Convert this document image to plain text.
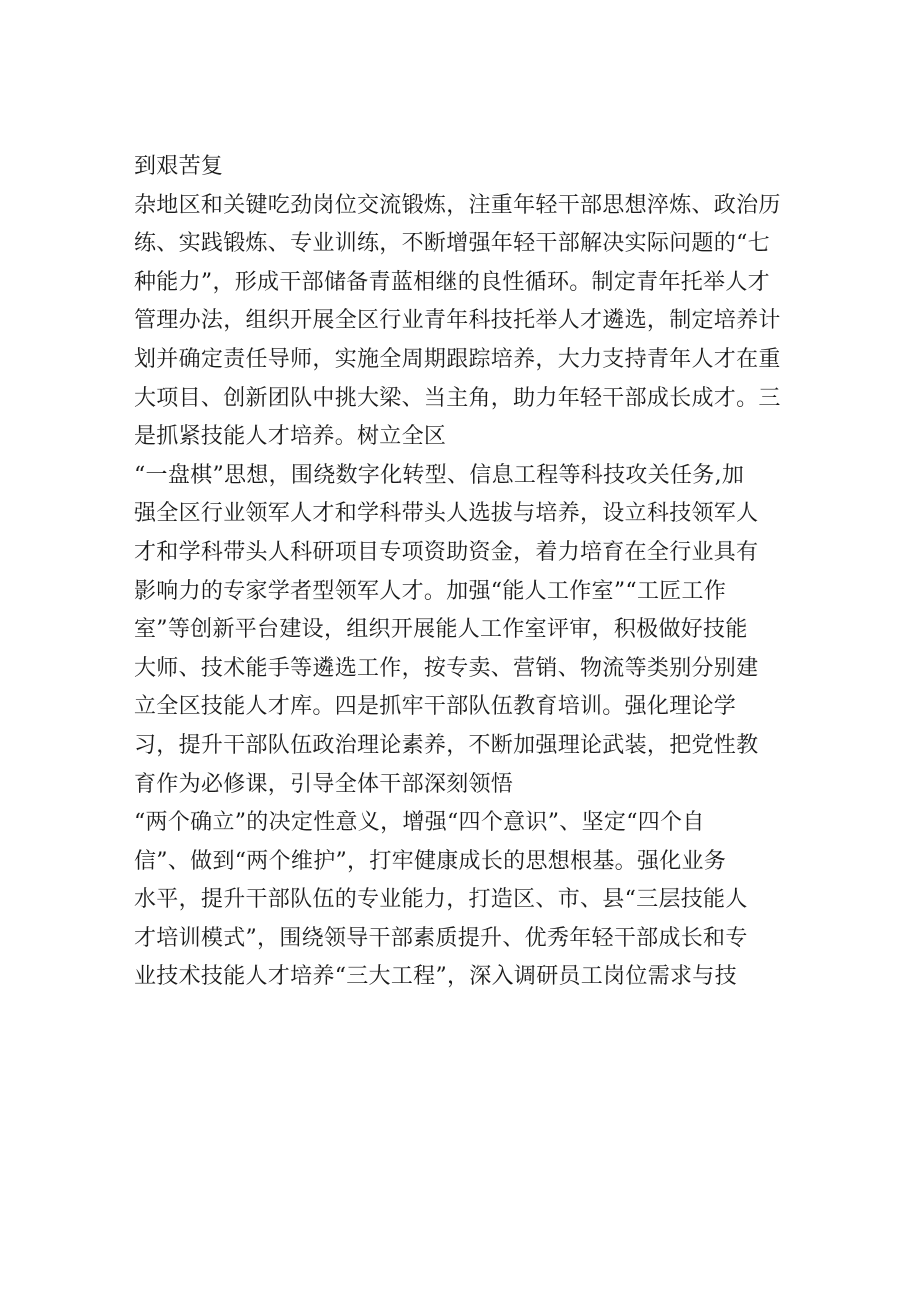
到艰苦复
杂地区和关键吃劲岗位交流锻炼，注重年轻干部思想淬炼、政治历
练、实践锻炼、专业训练，不断增强年轻干部解决实际问题的“七
种能力”，形成干部储备青蓝相继的良性循环。制定青年托举人才
管理办法，组织开展全区行业青年科技托举人才遴选，制定培养计
划并确定责任导师，实施全周期跟踪培养，大力支持青年人才在重
大项目、创新团队中挑大梁、当主角，助力年轻干部成长成才。三
是抓紧技能人才培养。树立全区
“一盘棋”思想，围绕数字化转型、信息工程等科技攻关任务,加
强全区行业领军人才和学科带头人选拔与培养，设立科技领军人
才和学科带头人科研项目专项资助资金，着力培育在全行业具有
影响力的专家学者型领军人才。加强“能人工作室”“工匠工作
室”等创新平台建设，组织开展能人工作室评审，积极做好技能
大师、技术能手等遴选工作，按专卖、营销、物流等类别分别建
立全区技能人才库。四是抓牢干部队伍教育培训。强化理论学
习，提升干部队伍政治理论素养，不断加强理论武装，把党性教
育作为必修课，引导全体干部深刻领悟
“两个确立”的决定性意义，增强“四个意识”、坚定“四个自
信”、做到“两个维护”，打牢健康成长的思想根基。强化业务
水平，提升干部队伍的专业能力，打造区、市、县“三层技能人
才培训模式”，围绕领导干部素质提升、优秀年轻干部成长和专
业技术技能人才培养“三大工程”，深入调研员工岗位需求与技
